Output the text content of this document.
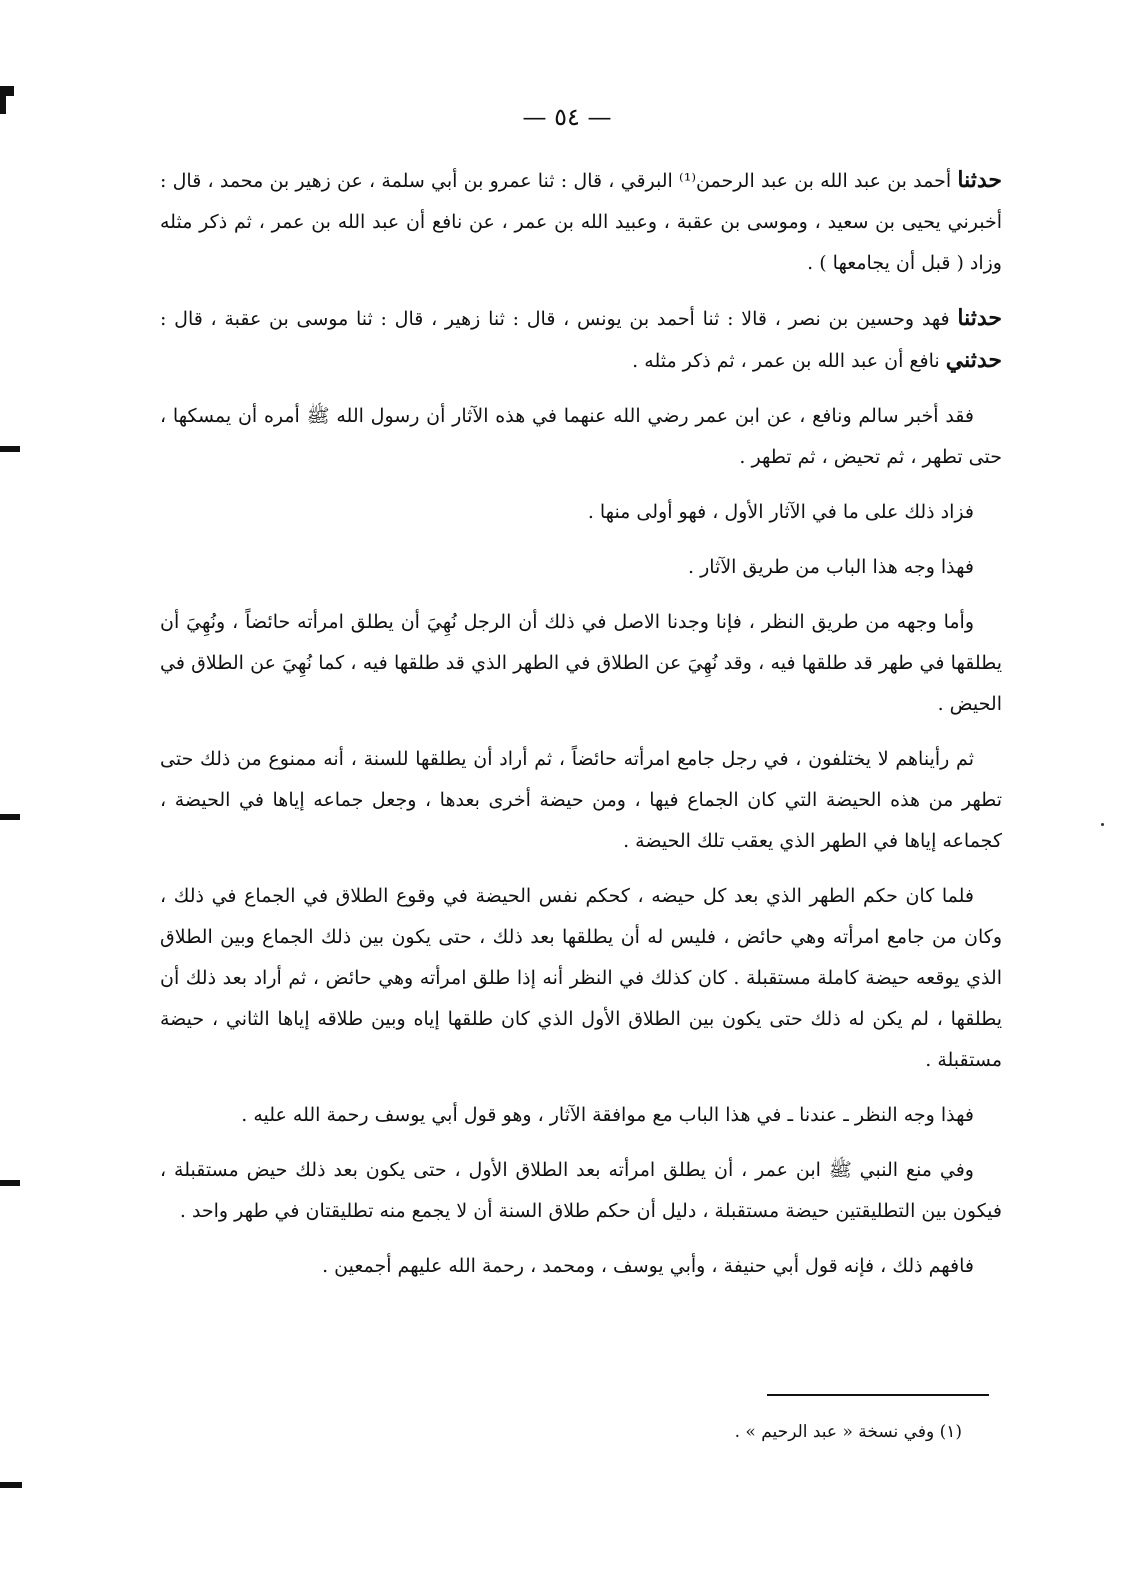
— ٥٤ —

حدثنا أحمد بن عبد الله بن عبد الرحمن⁽¹⁾ البرقي ، قال : ثنا عمرو بن أبي سلمة ، عن زهير بن محمد ، قال : أخبرني يحيى بن سعيد ، وموسى بن عقبة ، وعبيد الله بن عمر ، عن نافع أن عبد الله بن عمر ، ثم ذكر مثله وزاد ( قبل أن يجامعها ) .

حدثنا فهد وحسين بن نصر ، قالا : ثنا أحمد بن يونس ، قال : ثنا زهير ، قال : ثنا موسى بن عقبة ، قال : حدثني نافع أن عبد الله بن عمر ، ثم ذكر مثله .

فقد أخبر سالم ونافع ، عن ابن عمر رضي الله عنهما في هذه الآثار أن رسول الله ﷺ أمره أن يمسكها ، حتى تطهر ، ثم تحيض ، ثم تطهر .

فزاد ذلك على ما في الآثار الأول ، فهو أولى منها .

فهذا وجه هذا الباب من طريق الآثار .

وأما وجهه من طريق النظر ، فإنا وجدنا الاصل في ذلك أن الرجل نُهِيَ أن يطلق امرأته حائضاً ، ونُهِيَ أن يطلقها في طهر قد طلقها فيه ، وقد نُهِيَ عن الطلاق في الطهر الذي قد طلقها فيه ، كما نُهِيَ عن الطلاق في الحيض .

ثم رأيناهم لا يختلفون ، في رجل جامع امرأته حائضاً ، ثم أراد أن يطلقها للسنة ، أنه ممنوع من ذلك حتى تطهر من هذه الحيضة التي كان الجماع فيها ، ومن حيضة أخرى بعدها ، وجعل جماعه إياها في الحيضة ، كجماعه إياها في الطهر الذي يعقب تلك الحيضة .

فلما كان حكم الطهر الذي بعد كل حيضه ، كحكم نفس الحيضة في وقوع الطلاق في الجماع في ذلك ، وكان من جامع امرأته وهي حائض ، فليس له أن يطلقها بعد ذلك ، حتى يكون بين ذلك الجماع وبين الطلاق الذي يوقعه حيضة كاملة مستقبلة . كان كذلك في النظر أنه إذا طلق امرأته وهي حائض ، ثم أراد بعد ذلك أن يطلقها ، لم يكن له ذلك حتى يكون بين الطلاق الأول الذي كان طلقها إياه وبين طلاقه إياها الثاني ، حيضة مستقبلة .

فهذا وجه النظر ـ عندنا ـ في هذا الباب مع موافقة الآثار ، وهو قول أبي يوسف رحمة الله عليه .

وفي منع النبي ﷺ ابن عمر ، أن يطلق امرأته بعد الطلاق الأول ، حتى يكون بعد ذلك حيض مستقبلة ، فيكون بين التطليقتين حيضة مستقبلة ، دليل أن حكم طلاق السنة أن لا يجمع منه تطليقتان في طهر واحد .

فافهم ذلك ، فإنه قول أبي حنيفة ، وأبي يوسف ، ومحمد ، رحمة الله عليهم أجمعين .

(١) وفي نسخة « عبد الرحيم » .
